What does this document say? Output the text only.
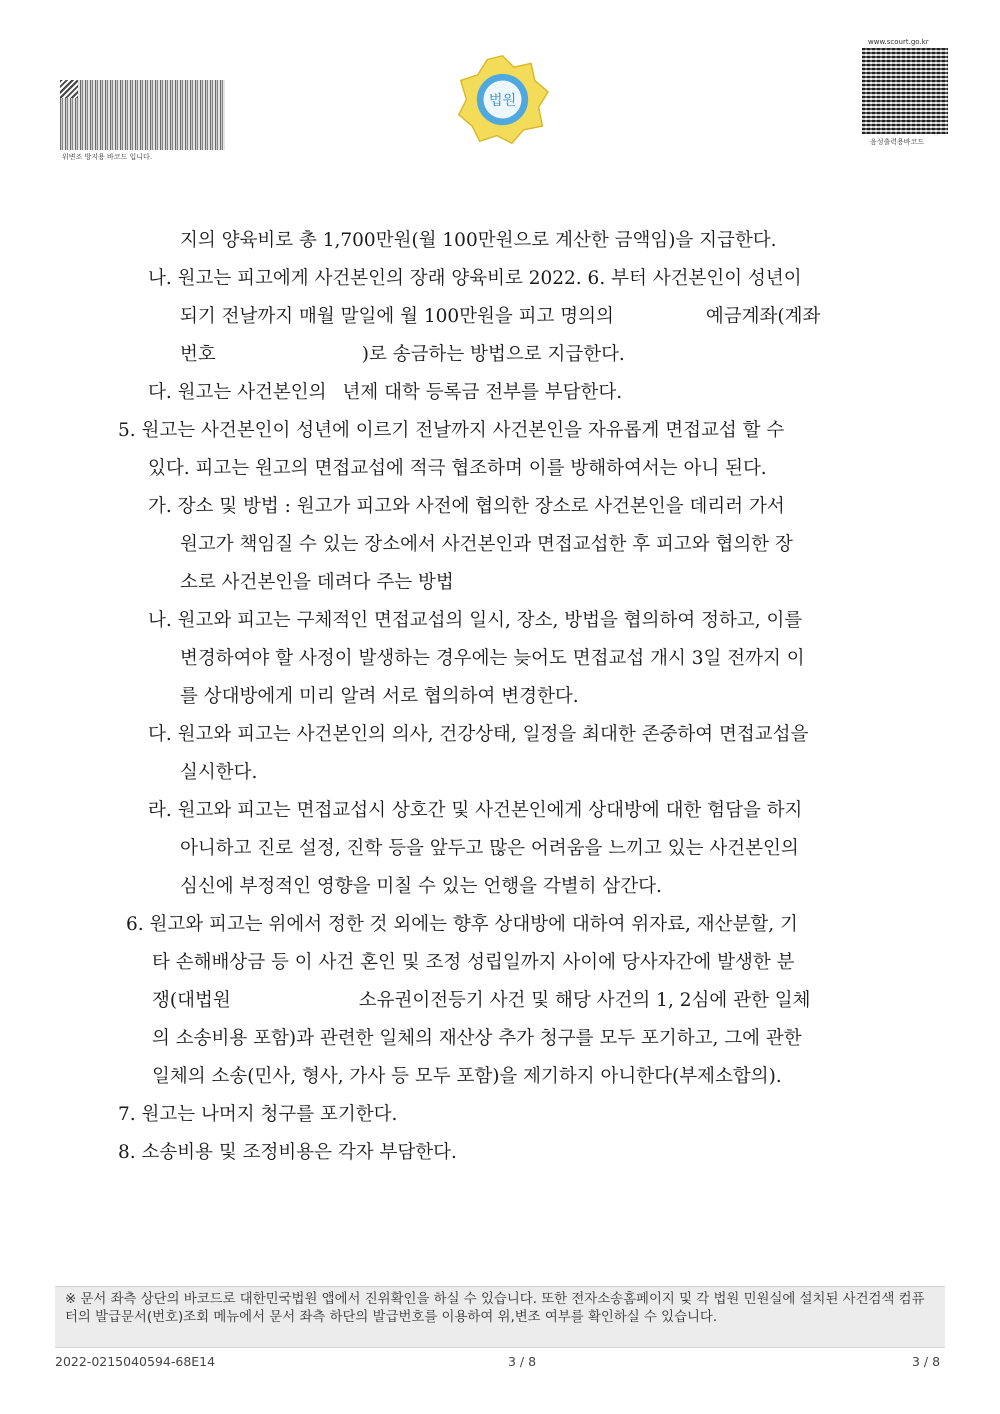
위변조 방지용 바코드 입니다.
법원
www.scourt.go.kr
음성출력용바코드
지의 양육비로 총 1,700만원(월 100만원으로 계산한 금액임)을 지급한다.
나. 원고는 피고에게 사건본인의 장래 양육비로 2022. 6. 부터 사건본인이 성년이
되기 전날까지 매월 말일에 월 100만원을 피고 명의의	예금계좌(계좌
번호	)로 송금하는 방법으로 지급한다.
다. 원고는 사건본인의 년제 대학 등록금 전부를 부담한다.
5. 원고는 사건본인이 성년에 이르기 전날까지 사건본인을 자유롭게 면접교섭 할 수
있다. 피고는 원고의 면접교섭에 적극 협조하며 이를 방해하여서는 아니 된다.
가. 장소 및 방법 : 원고가 피고와 사전에 협의한 장소로 사건본인을 데리러 가서
원고가 책임질 수 있는 장소에서 사건본인과 면접교섭한 후 피고와 협의한 장
소로 사건본인을 데려다 주는 방법
나. 원고와 피고는 구체적인 면접교섭의 일시, 장소, 방법을 협의하여 정하고, 이를
변경하여야 할 사정이 발생하는 경우에는 늦어도 면접교섭 개시 3일 전까지 이
를 상대방에게 미리 알려 서로 협의하여 변경한다.
다. 원고와 피고는 사건본인의 의사, 건강상태, 일정을 최대한 존중하여 면접교섭을
실시한다.
라. 원고와 피고는 면접교섭시 상호간 및 사건본인에게 상대방에 대한 험담을 하지
아니하고 진로 설정, 진학 등을 앞두고 많은 어려움을 느끼고 있는 사건본인의
심신에 부정적인 영향을 미칠 수 있는 언행을 각별히 삼간다.
6. 원고와 피고는 위에서 정한 것 외에는 향후 상대방에 대하여 위자료, 재산분할, 기
타 손해배상금 등 이 사건 혼인 및 조정 성립일까지 사이에 당사자간에 발생한 분
쟁(대법원	소유권이전등기 사건 및 해당 사건의 1, 2심에 관한 일체
의 소송비용 포함)과 관련한 일체의 재산상 추가 청구를 모두 포기하고, 그에 관한
일체의 소송(민사, 형사, 가사 등 모두 포함)을 제기하지 아니한다(부제소합의).
7. 원고는 나머지 청구를 포기한다.
8. 소송비용 및 조정비용은 각자 부담한다.
※ 문서 좌측 상단의 바코드로 대한민국법원 앱에서 진위확인을 하실 수 있습니다. 또한 전자소송홈페이지 및 각 법원 민원실에 설치된 사건검색 컴퓨터의 발급문서(번호)조회 메뉴에서 문서 좌측 하단의 발급번호를 이용하여 위,변조 여부를 확인하실 수 있습니다.
2022-0215040594-68E14	3 / 8	3 / 8
